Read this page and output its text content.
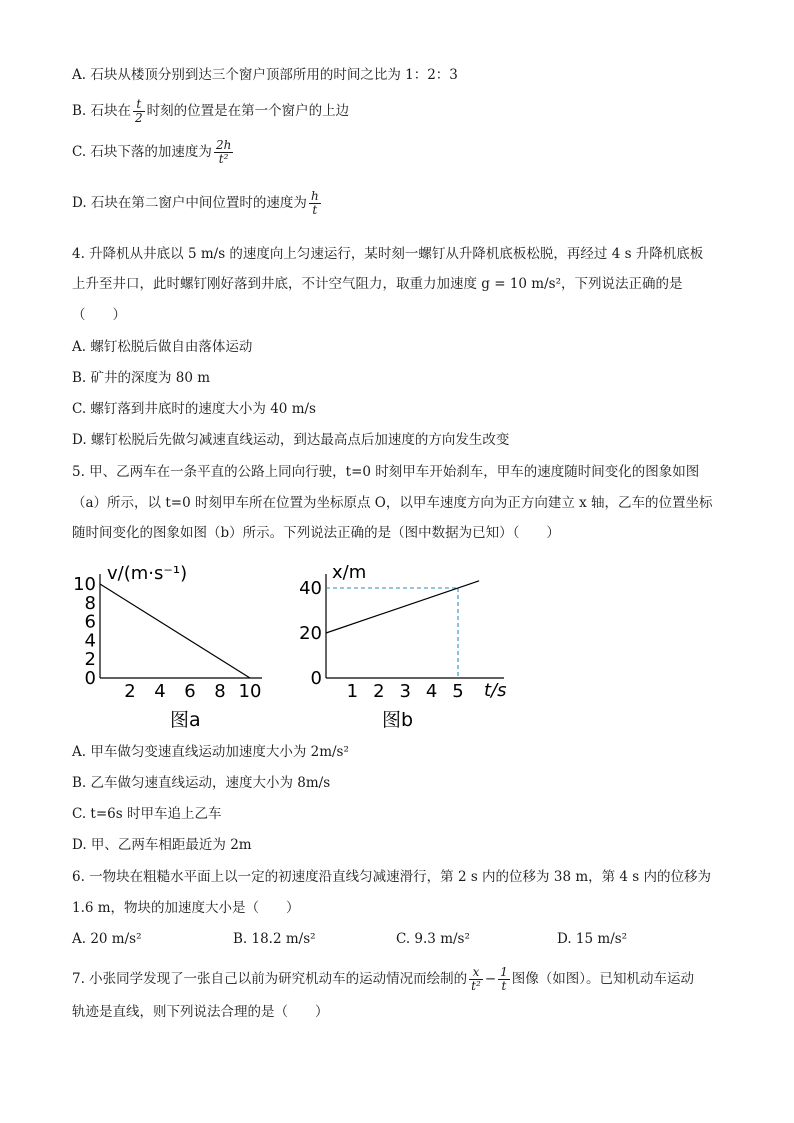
A. 石块从楼顶分别到达三个窗户顶部所用的时间之比为 1：2：3
B. 石块在 $\frac{t}{2}$ 时刻的位置是在第一个窗户的上边
C. 石块下落的加速度为 $\frac{2h}{\text{t²}}$
D. 石块在第二窗户中间位置时的速度为 $\frac{h}{t}$
4. 升降机从井底以 5 m/s 的速度向上匀速运行，某时刻一螺钉从升降机底板松脱，再经过 4 s 升降机底板
上升至井口，此时螺钉刚好落到井底，不计空气阻力，取重力加速度 g = 10 m/s²，下列说法正确的是
（　　）
A. 螺钉松脱后做自由落体运动
B. 矿井的深度为 80 m
C. 螺钉落到井底时的速度大小为 40 m/s
D. 螺钉松脱后先做匀减速直线运动，到达最高点后加速度的方向发生改变
5. 甲、乙两车在一条平直的公路上同向行驶，t=0 时刻甲车开始刹车，甲车的速度随时间变化的图象如图
（a）所示，以 t=0 时刻甲车所在位置为坐标原点 O，以甲车速度方向为正方向建立 x 轴，乙车的位置坐标
随时间变化的图象如图（b）所示。下列说法正确的是（图中数据为已知）（　　）
v/(m·s⁻¹)
0
2
4
6
8
10
2 4 6 8 10
图a
x/m
t/s
0
20
40
1 2 3 4 5
图b
A. 甲车做匀变速直线运动加速度大小为 2m/s²
B. 乙车做匀速直线运动，速度大小为 8m/s
C. t=6s 时甲车追上乙车
D. 甲、乙两车相距最近为 2m
6. 一物块在粗糙水平面上以一定的初速度沿直线匀减速滑行，第 2 s 内的位移为 38 m，第 4 s 内的位移为
1.6 m，物块的加速度大小是（　　）
A. 20 m/s²	B. 18.2 m/s²	C. 9.3 m/s²	D. 15 m/s²
7. 小张同学发现了一张自己以前为研究机动车的运动情况而绘制的 $\frac{x}{\text{t²}} - \frac{1}{t}$ 图像（如图）。已知机动车运动
轨迹是直线，则下列说法合理的是（　　）
